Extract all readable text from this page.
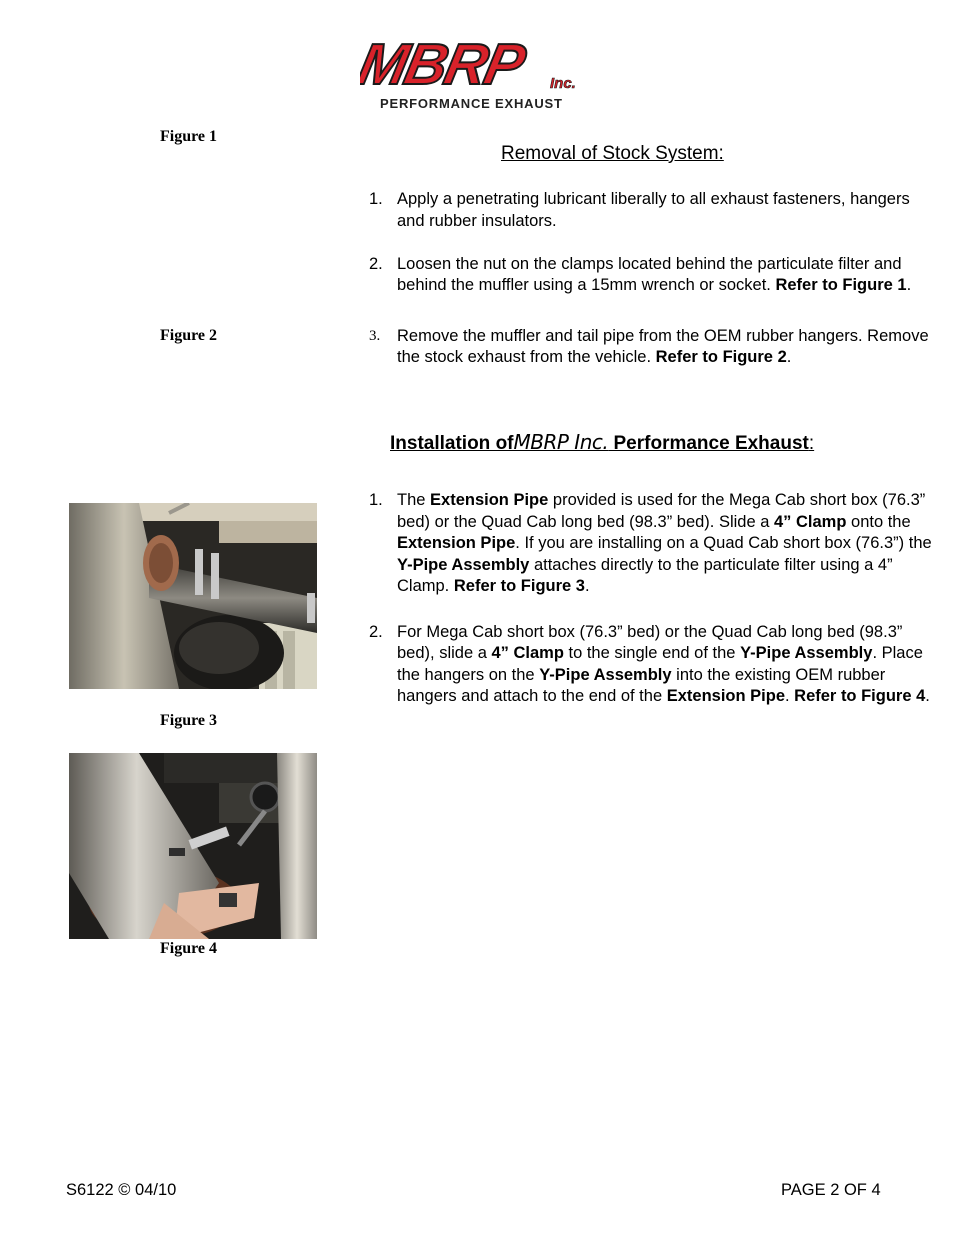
MBRP Inc.
PERFORMANCE EXHAUST
Figure 1
Figure 2
Figure 3
Figure 4
Removal of Stock System:
1. Apply a penetrating lubricant liberally to all exhaust fasteners, hangers and rubber insulators.
2. Loosen the nut on the clamps located behind the particulate filter and behind the muffler using a 15mm wrench or socket. Refer to Figure 1.
3. Remove the muffler and tail pipe from the OEM rubber hangers. Remove the stock exhaust from the vehicle. Refer to Figure 2.
Installation ofMBRP Inc. Performance Exhaust:
1. The Extension Pipe provided is used for the Mega Cab short box (76.3” bed) or the Quad Cab long bed (98.3” bed). Slide a 4” Clamp onto the Extension Pipe. If you are installing on a Quad Cab short box (76.3”) the Y-Pipe Assembly attaches directly to the particulate filter using a 4” Clamp. Refer to Figure 3.
2. For Mega Cab short box (76.3” bed) or the Quad Cab long bed (98.3” bed), slide a 4” Clamp to the single end of the Y-Pipe Assembly. Place the hangers on the Y-Pipe Assembly into the existing OEM rubber hangers and attach to the end of the Extension Pipe. Refer to Figure 4.
S6122 © 04/10	PAGE 2 OF 4
